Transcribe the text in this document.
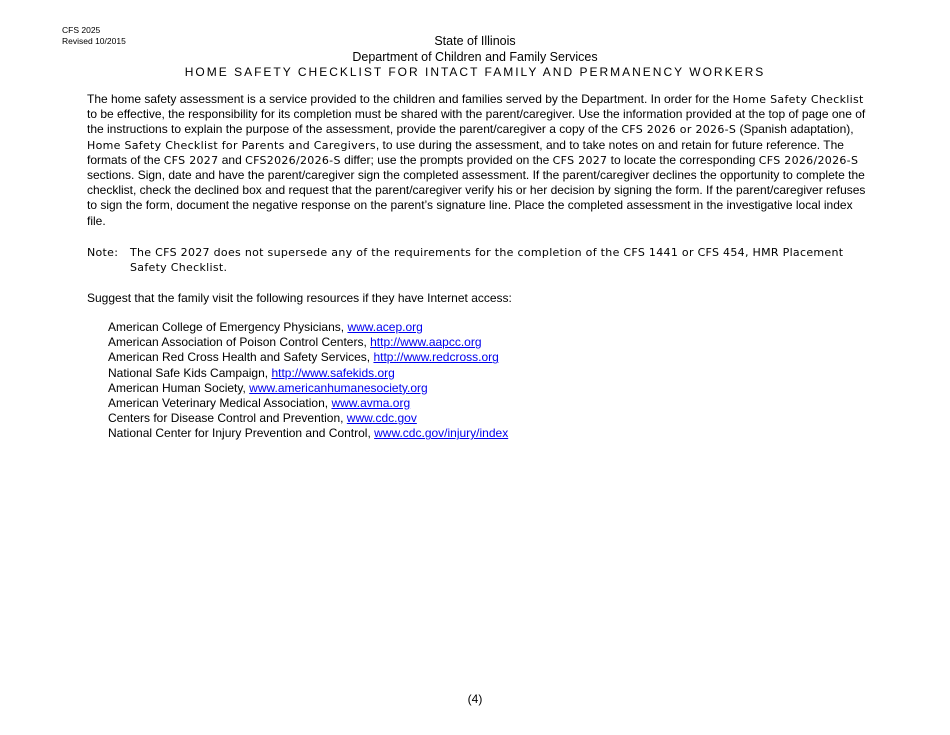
CFS 2025
Revised 10/2015	State of Illinois
Department of Children and Family Services
HOME SAFETY CHECKLIST FOR INTACT FAMILY AND PERMANENCY WORKERS

The home safety assessment is a service provided to the children and families served by the Department. In order for the Home Safety Checklist to be effective, the responsibility for its completion must be shared with the parent/caregiver. Use the information provided at the top of page one of the instructions to explain the purpose of the assessment, provide the parent/caregiver a copy of the CFS 2026 or 2026-S (Spanish adaptation), Home Safety Checklist for Parents and Caregivers, to use during the assessment, and to take notes on and retain for future reference. The formats of the CFS 2027 and CFS2026/2026-S differ; use the prompts provided on the CFS 2027 to locate the corresponding CFS 2026/2026-S sections. Sign, date and have the parent/caregiver sign the completed assessment. If the parent/caregiver declines the opportunity to complete the checklist, check the declined box and request that the parent/caregiver verify his or her decision by signing the form. If the parent/caregiver refuses to sign the form, document the negative response on the parent’s signature line. Place the completed assessment in the investigative local index file.

Note:	The CFS 2027 does not supersede any of the requirements for the completion of the CFS 1441 or CFS 454, HMR Placement Safety Checklist.

Suggest that the family visit the following resources if they have Internet access:

American College of Emergency Physicians, www.acep.org
American Association of Poison Control Centers, http://www.aapcc.org
American Red Cross Health and Safety Services, http://www.redcross.org
National Safe Kids Campaign, http://www.safekids.org
American Human Society, www.americanhumanesociety.org
American Veterinary Medical Association, www.avma.org
Centers for Disease Control and Prevention, www.cdc.gov
National Center for Injury Prevention and Control, www.cdc.gov/injury/index
(4)
